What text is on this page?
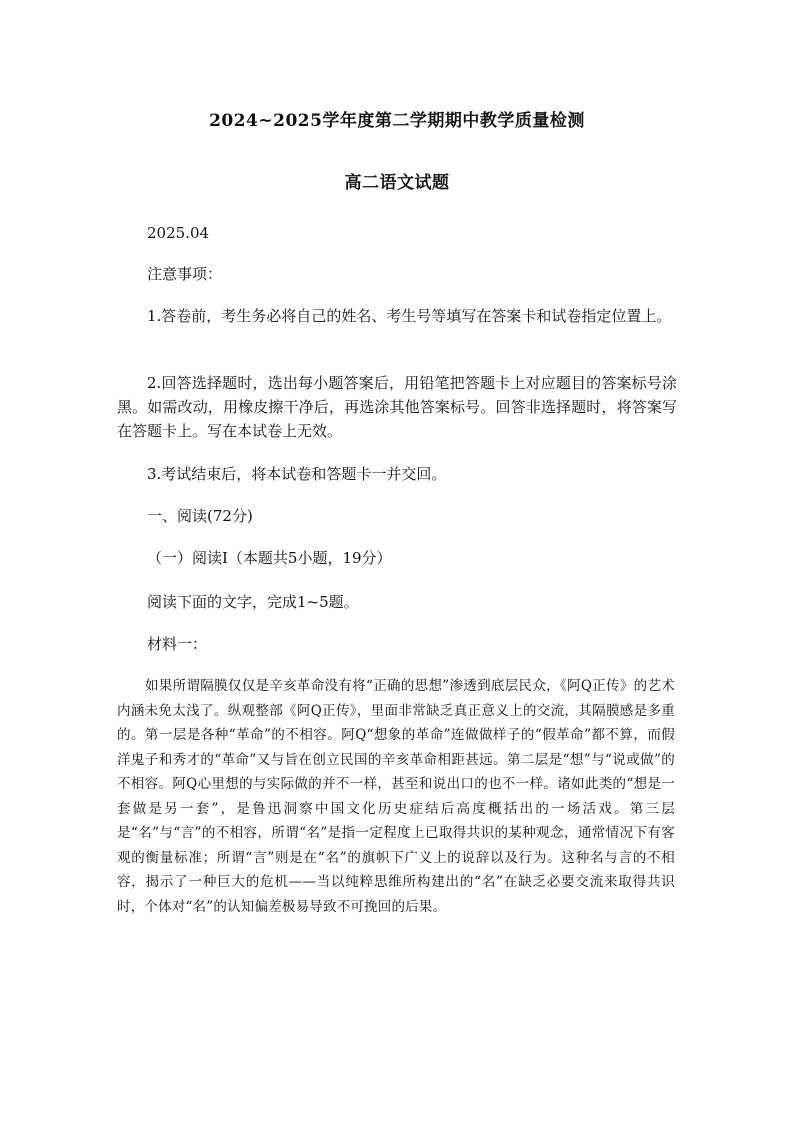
2024~2025学年度第二学期期中教学质量检测
高二语文试题
2025.04
注意事项：
1.答卷前，考生务必将自己的姓名、考生号等填写在答案卡和试卷指定位置上。
2.回答选择题时，选出每小题答案后，用铅笔把答题卡上对应题目的答案标号涂黑。如需改动，用橡皮擦干净后，再选涂其他答案标号。回答非选择题时，将答案写在答题卡上。写在本试卷上无效。
3.考试结束后，将本试卷和答题卡一并交回。
一、阅读(72分)
（一）阅读Ⅰ（本题共5小题，19分）
阅读下面的文字，完成1~5题。
材料一：
如果所谓隔膜仅仅是辛亥革命没有将“正确的思想”渗透到底层民众，《阿Q正传》的艺术内涵未免太浅了。纵观整部《阿Q正传》，里面非常缺乏真正意义上的交流，其隔膜感是多重的。第一层是各种“革命”的不相容。阿Q“想象的革命”连做做样子的“假革命”都不算，而假洋鬼子和秀才的“革命”又与旨在创立民国的辛亥革命相距甚远。第二层是“想”与“说或做”的不相容。阿Q心里想的与实际做的并不一样，甚至和说出口的也不一样。诸如此类的“想是一套做是另一套”，是鲁迅洞察中国文化历史症结后高度概括出的一场活戏。第三层是“名”与“言”的不相容，所谓“名”是指一定程度上已取得共识的某种观念，通常情况下有客观的衡量标准；所谓“言”则是在“名”的旗帜下广义上的说辞以及行为。这种名与言的不相容，揭示了一种巨大的危机——当以纯粹思维所构建出的“名”在缺乏必要交流来取得共识时，个体对“名”的认知偏差极易导致不可挽回的后果。
